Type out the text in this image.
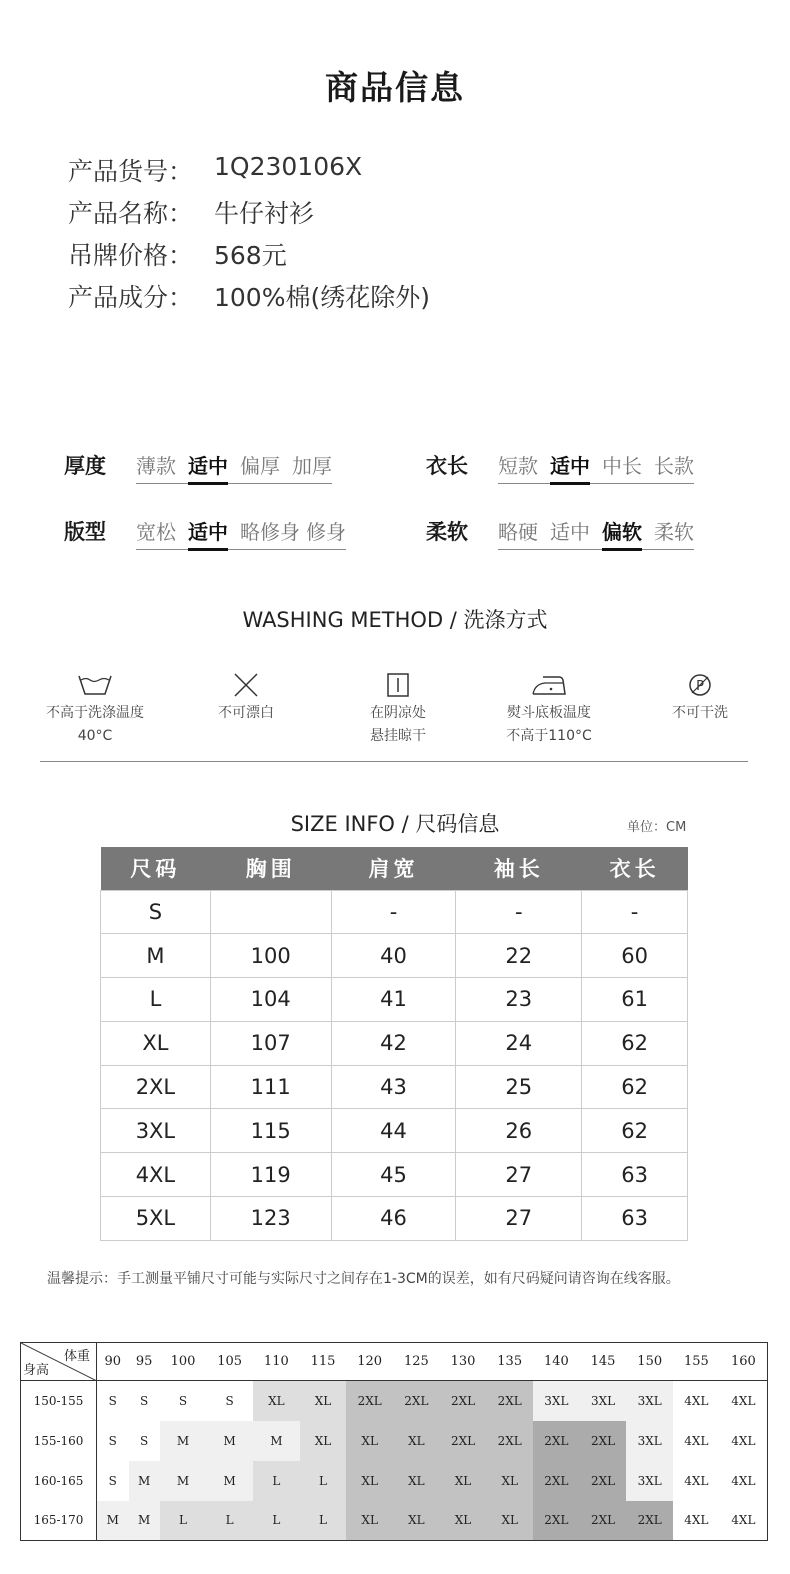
商品信息
产品货号： 1Q230106X
产品名称： 牛仔衬衫
吊牌价格： 568元
产品成分： 100%棉(绣花除外)
厚度	薄款 适中 偏厚 加厚	衣长	短款 适中 中长 长款
版型	宽松 适中 略修身 修身	柔软	略硬 适中 偏软 柔软
WASHING METHOD / 洗涤方式
不高于洗涤温度
40°C
不可漂白	在阴凉处
悬挂晾干
熨斗底板温度
不高于110°C
P
不可干洗
SIZE INFO / 尺码信息	单位：CM
尺码	胸围	肩宽	袖长	衣长
S		-	-	-
M	100	40	22	60
L	104	41	23	61
XL	107	42	24	62
2XL	111	43	25	62
3XL	115	44	26	62
4XL	119	45	27	63
5XL	123	46	27	63
温馨提示：手工测量平铺尺寸可能与实际尺寸之间存在1-3CM的误差，如有尺码疑问请咨询在线客服。
体重
身高	90	95	100	105	110	115	120	125	130	135	140	145	150	155	160
150-155	S	S	S	S	XL	XL	2XL	2XL	2XL	2XL	3XL	3XL	3XL	4XL	4XL
155-160	S	S	M	M	M	XL	XL	XL	2XL	2XL	2XL	2XL	3XL	4XL	4XL
160-165	S	M	M	M	L	L	XL	XL	XL	XL	2XL	2XL	3XL	4XL	4XL
165-170	M	M	L	L	L	L	XL	XL	XL	XL	2XL	2XL	2XL	4XL	4XL
